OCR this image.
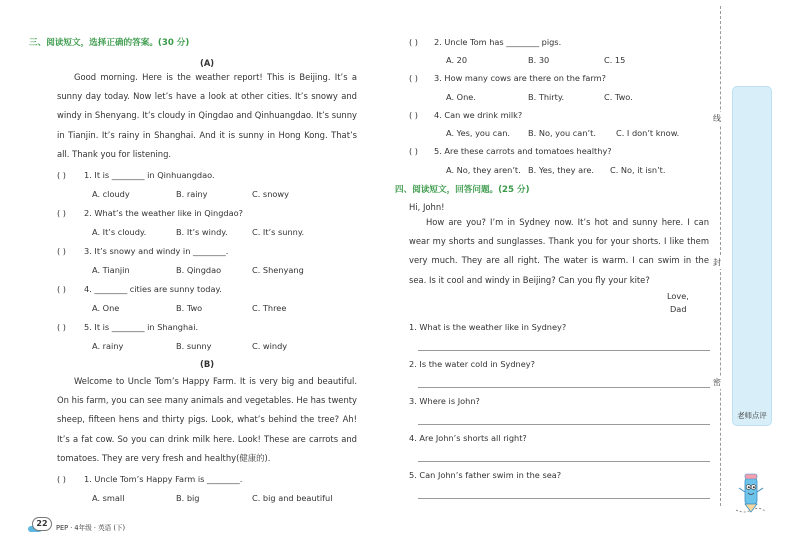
三、阅读短文，选择正确的答案。(30 分)
(A)

Good morning. Here is the weather report! This is Beijing. It’s a sunny day today. Now let’s have a look at other cities. It’s snowy and windy in Shenyang. It’s cloudy in Qingdao and Qinhuangdao. It’s sunny in Tianjin. It’s rainy in Shanghai. And it is sunny in Hong Kong. That’s all. Thank you for listening.

( ) 1. It is ________ in Qinhuangdao.
A. cloudy	B. rainy	C. snowy
( ) 2. What’s the weather like in Qingdao?
A. It’s cloudy.	B. It’s windy.	C. It’s sunny.
( ) 3. It’s snowy and windy in ________.
A. Tianjin	B. Qingdao	C. Shenyang
( ) 4. ________ cities are sunny today.
A. One	B. Two	C. Three
( ) 5. It is ________ in Shanghai.
A. rainy	B. sunny	C. windy
(B)

Welcome to Uncle Tom’s Happy Farm. It is very big and beautiful. On his farm, you can see many animals and vegetables. He has twenty sheep, fifteen hens and thirty pigs. Look, what’s behind the tree? Ah! It’s a fat cow. So you can drink milk here. Look! These are carrots and tomatoes. They are very fresh and healthy(健康的).

( ) 1. Uncle Tom’s Happy Farm is ________.
A. small	B. big	C. big and beautiful
22	PEP · 4年级 · 英语 (下)
( ) 2. Uncle Tom has ________ pigs.
A. 20	B. 30	C. 15
( ) 3. How many cows are there on the farm?
A. One.	B. Thirty.	C. Two.
( ) 4. Can we drink milk?
A. Yes, you can. B. No, you can’t. C. I don’t know.
( ) 5. Are these carrots and tomatoes healthy?
A. No, they aren’t. B. Yes, they are. C. No, it isn’t.
四、阅读短文，回答问题。(25 分)
Hi, John!

How are you? I’m in Sydney now. It’s hot and sunny here. I can wear my shorts and sunglasses. Thank you for your shorts. I like them very much. They are all right. The water is warm. I can swim in the sea. Is it cool and windy in Beijing? Can you fly your kite?

Love,
Dad
1. What is the weather like in Sydney?
2. Is the water cold in Sydney?
3. Where is John?
4. Are John’s shorts all right?
5. Can John’s father swim in the sea?
线
封
密
老师点评
